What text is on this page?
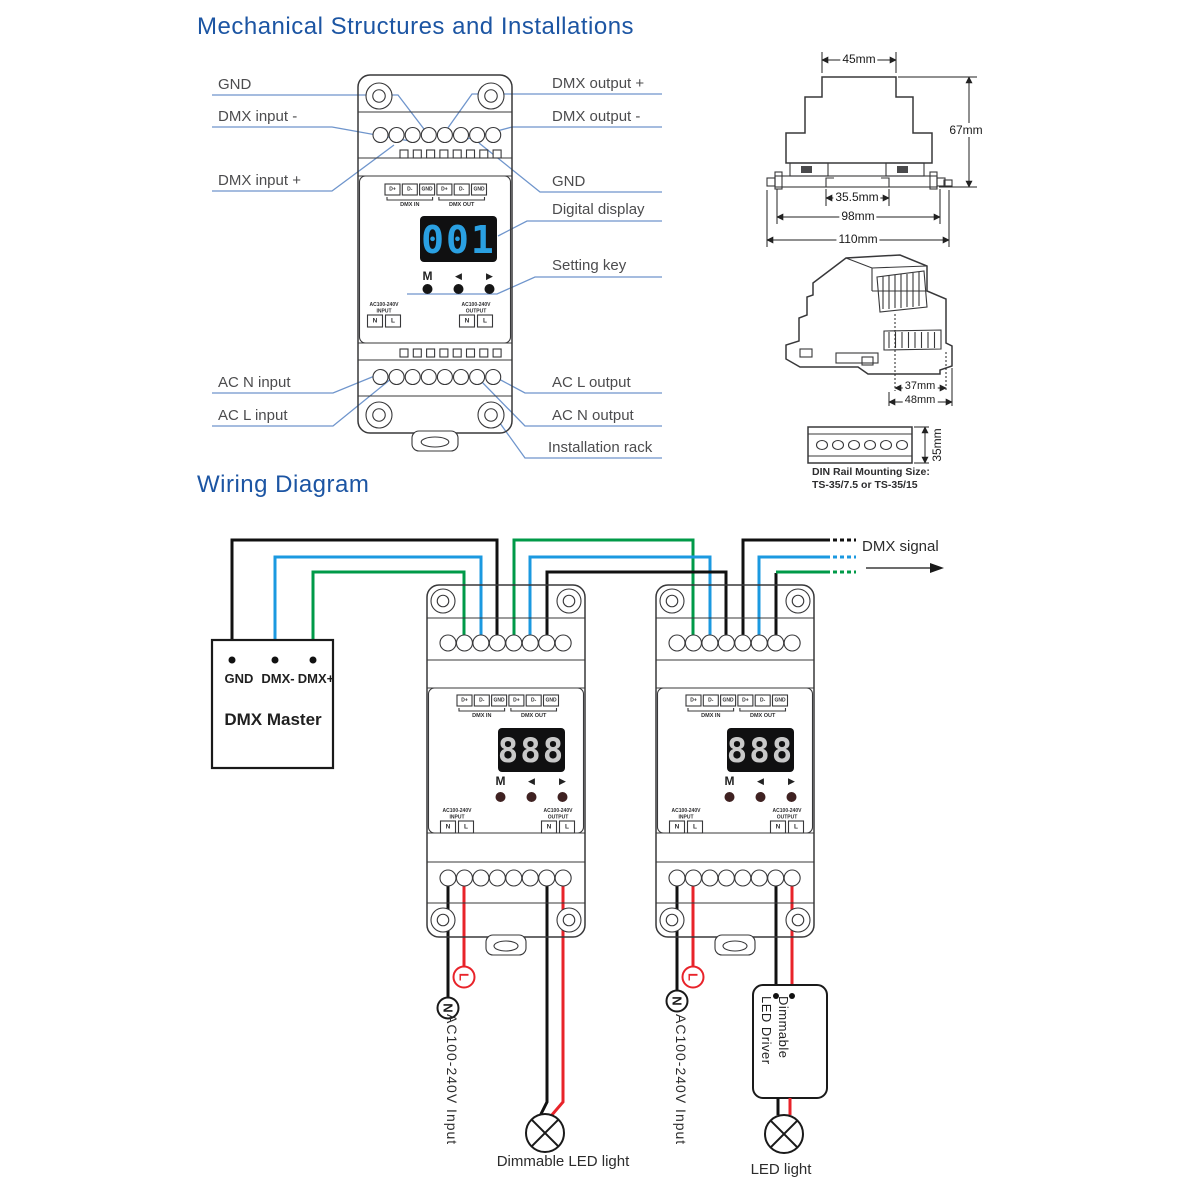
N
L
N
L
D+ D- GND D+ D- GND
DMX IN	DMX OUT
001
M	◀	▶
AC100-240V
INPUT
N L
AC100-240V
OUTPUT
N L
D+ D- GND D+ D- GND
DMX IN	DMX OUT
888
M	◀	▶
AC100-240V
INPUT
N L
AC100-240V
OUTPUT
N L
D+ D- GND D+ D- GND
DMX IN	DMX OUT
888
M	◀	▶
AC100-240V
INPUT
N L
AC100-240V
OUTPUT
N L
Mechanical Structures and Installations
Wiring Diagram
GND
DMX input -
DMX input +
AC N input
AC L input
DMX output +
DMX output -
GND
Digital display
Setting key
AC L output
AC N output
Installation rack
45mm
67mm
35.5mm
98mm
110mm
37mm
48mm
35mm
DIN Rail Mounting Size:
TS-35/7.5 or TS-35/15
GND DMX- DMX+
DMX Master
DMX signal
AC100-240V Input	AC100-240V Input	Dimmable
LED Driver
Dimmable LED light	LED light
